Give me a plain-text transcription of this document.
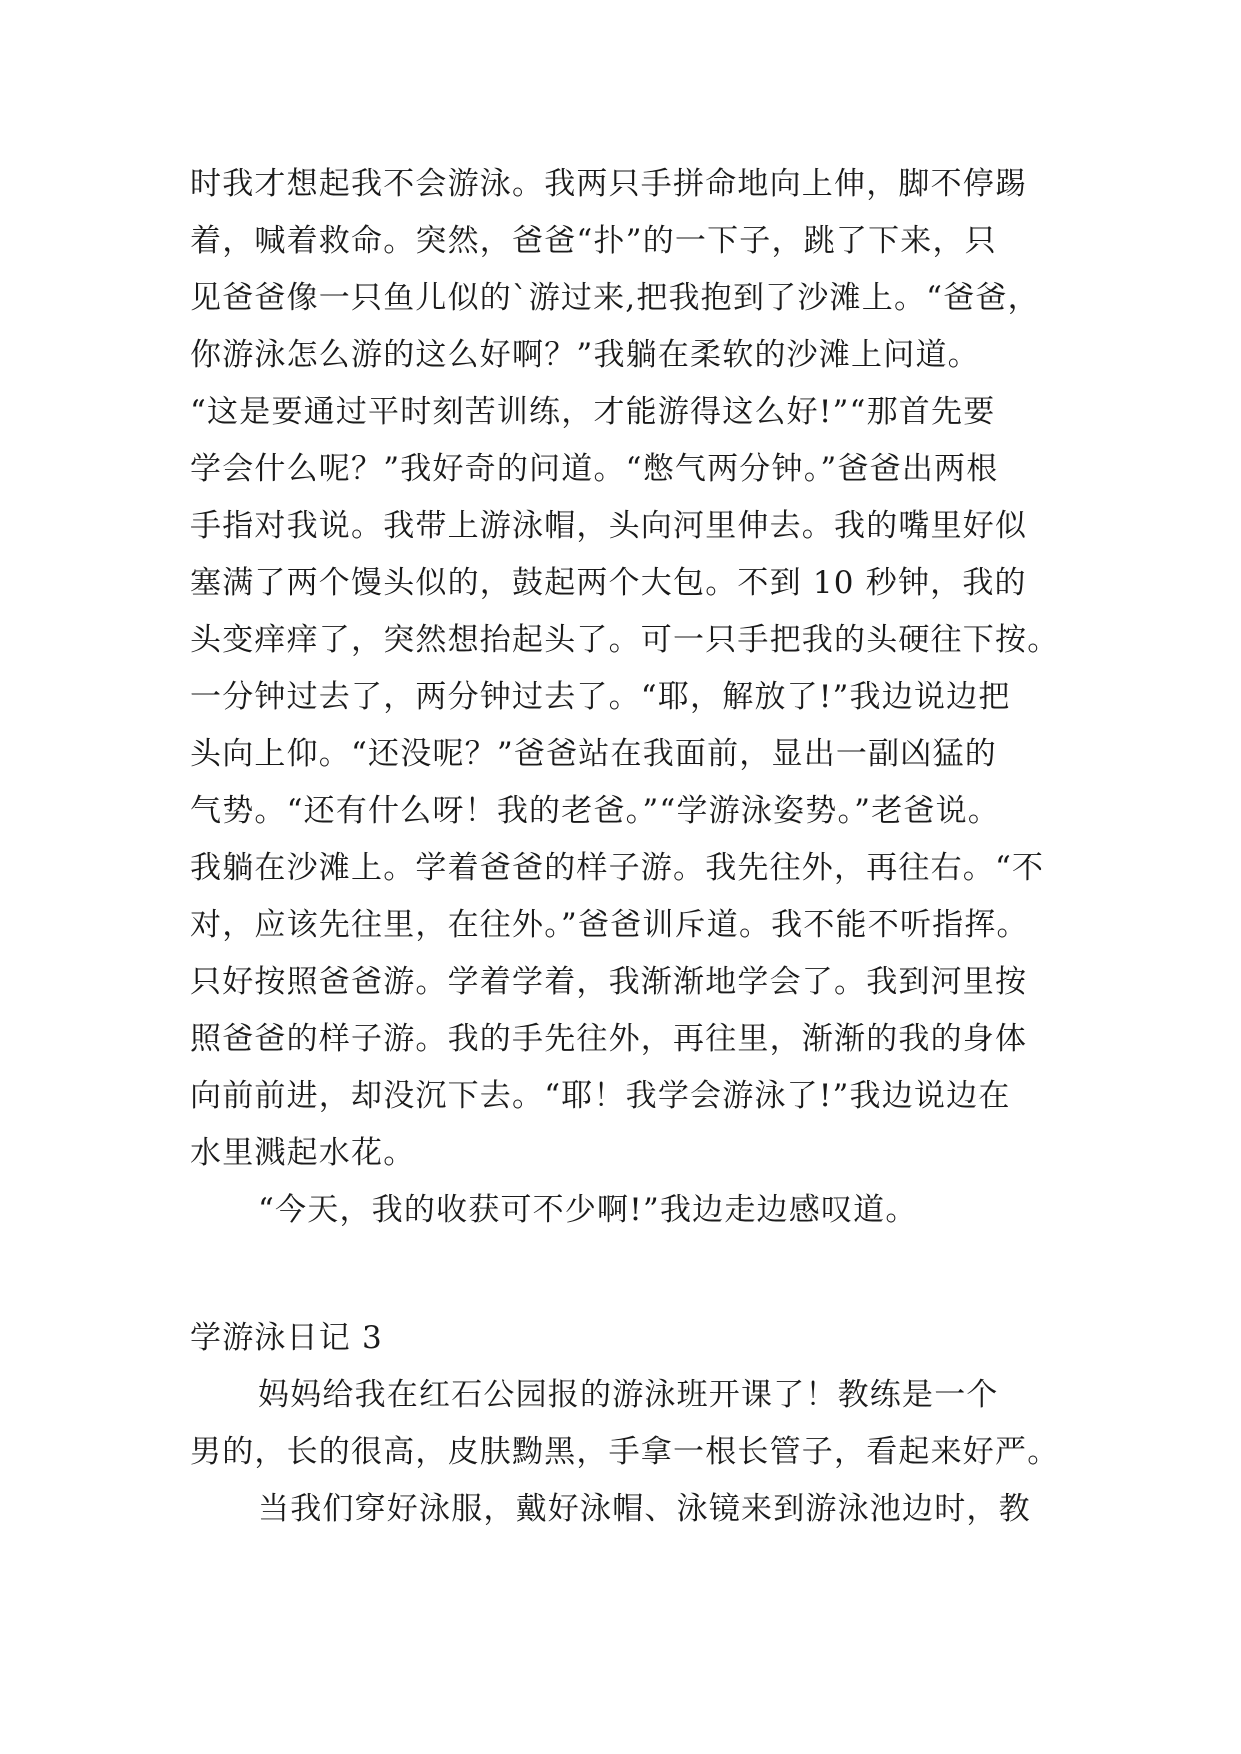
时我才想起我不会游泳。我两只手拼命地向上伸，脚不停踢
着，喊着救命。突然，爸爸“扑”的一下子，跳了下来，只
见爸爸像一只鱼儿似的`游过来,把我抱到了沙滩上。“爸爸，
你游泳怎么游的这么好啊？”我躺在柔软的沙滩上问道。
“这是要通过平时刻苦训练，才能游得这么好!”“那首先要
学会什么呢？”我好奇的问道。“憋气两分钟。”爸爸出两根
手指对我说。我带上游泳帽，头向河里伸去。我的嘴里好似
塞满了两个馒头似的，鼓起两个大包。不到 10 秒钟，我的
头变痒痒了，突然想抬起头了。可一只手把我的头硬往下按。
一分钟过去了，两分钟过去了。“耶，解放了!”我边说边把
头向上仰。“还没呢？”爸爸站在我面前，显出一副凶猛的
气势。“还有什么呀！我的老爸。”“学游泳姿势。”老爸说。
我躺在沙滩上。学着爸爸的样子游。我先往外，再往右。“不
对，应该先往里，在往外。”爸爸训斥道。我不能不听指挥。
只好按照爸爸游。学着学着，我渐渐地学会了。我到河里按
照爸爸的样子游。我的手先往外，再往里，渐渐的我的身体
向前前进，却没沉下去。“耶！我学会游泳了!”我边说边在
水里溅起水花。
“今天，我的收获可不少啊!”我边走边感叹道。
学游泳日记 3
妈妈给我在红石公园报的游泳班开课了！教练是一个
男的，长的很高，皮肤黝黑，手拿一根长管子，看起来好严。
当我们穿好泳服，戴好泳帽、泳镜来到游泳池边时，教
